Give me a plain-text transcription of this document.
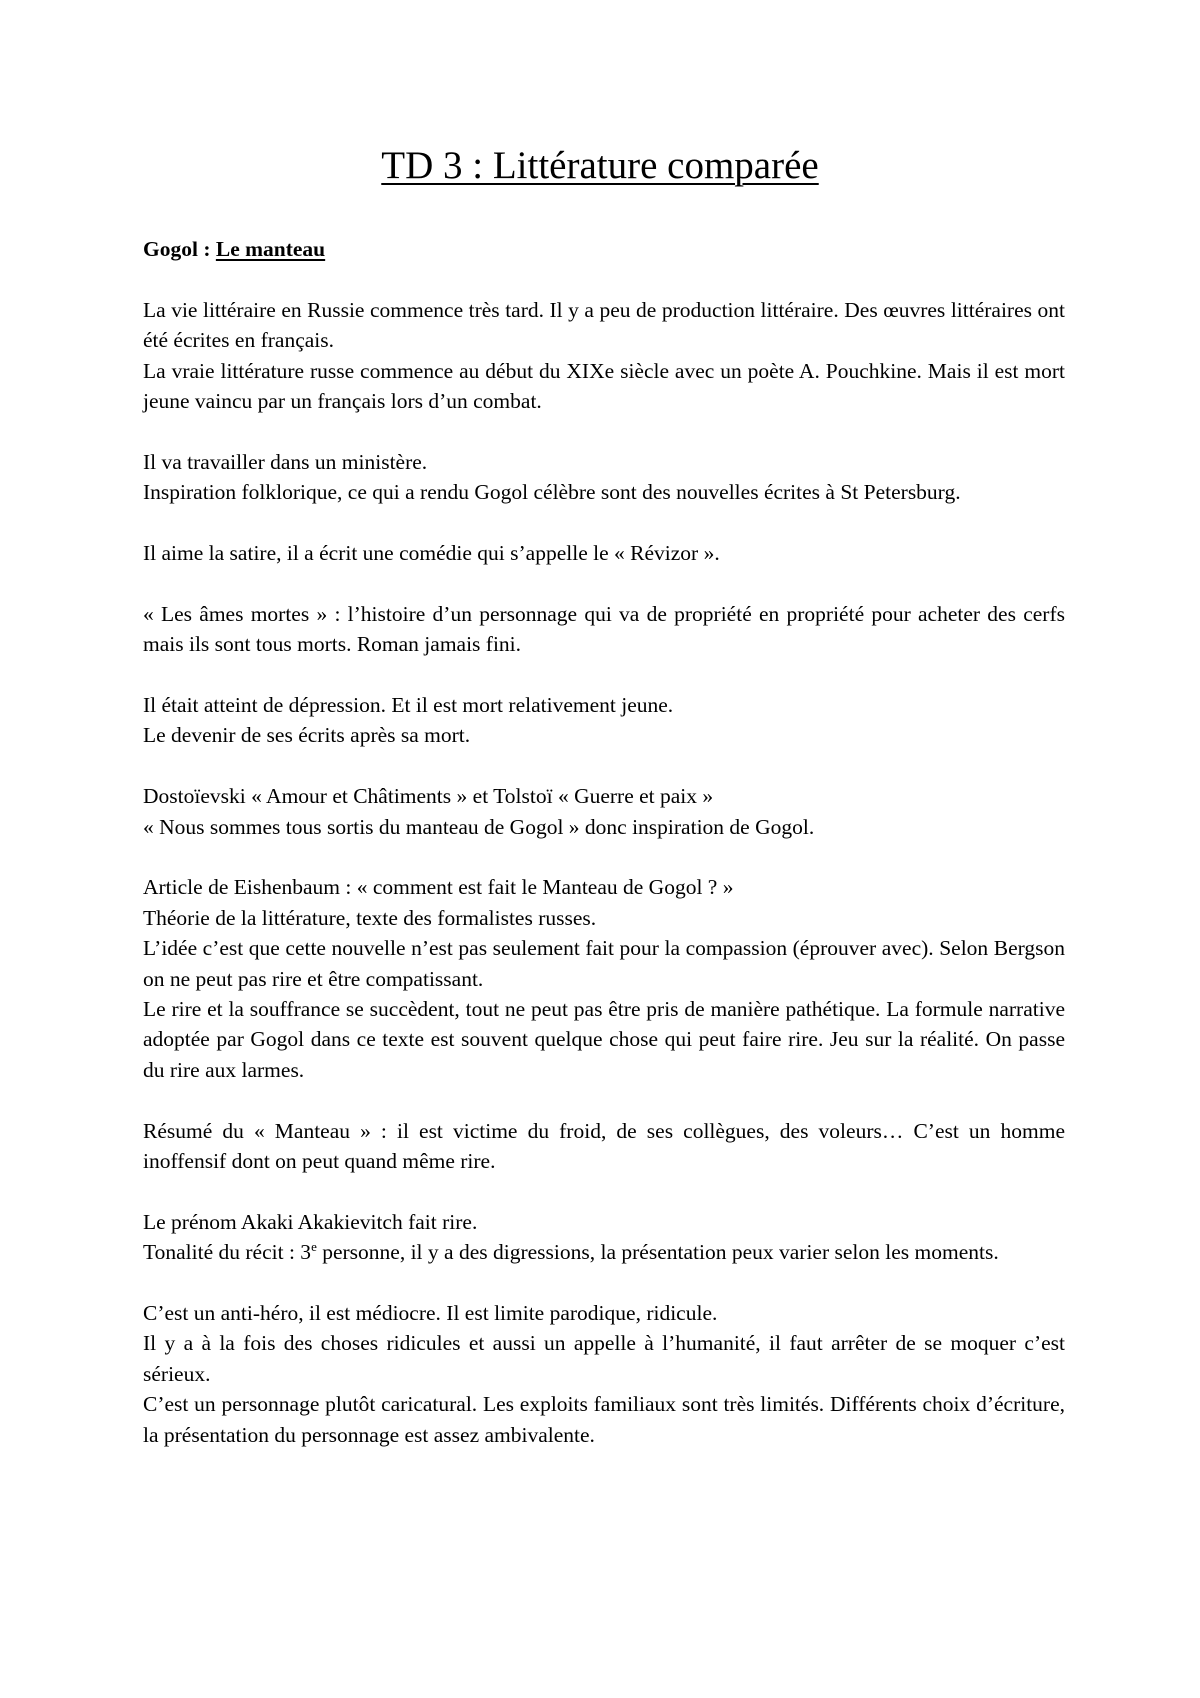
TD 3 : Littérature comparée
Gogol : Le manteau

La vie littéraire en Russie commence très tard. Il y a peu de production littéraire. Des œuvres littéraires ont été écrites en français.

La vraie littérature russe commence au début du XIXe siècle avec un poète A. Pouchkine. Mais il est mort jeune vaincu par un français lors d’un combat.

Il va travailler dans un ministère.

Inspiration folklorique, ce qui a rendu Gogol célèbre sont des nouvelles écrites à St Petersburg.

Il aime la satire, il a écrit une comédie qui s’appelle le « Révizor ».

« Les âmes mortes » : l’histoire d’un personnage qui va de propriété en propriété pour acheter des cerfs mais ils sont tous morts. Roman jamais fini.

Il était atteint de dépression. Et il est mort relativement jeune.

Le devenir de ses écrits après sa mort.

Dostoïevski « Amour et Châtiments » et Tolstoï « Guerre et paix »

« Nous sommes tous sortis du manteau de Gogol » donc inspiration de Gogol.

Article de Eishenbaum : « comment est fait le Manteau de Gogol ? »

Théorie de la littérature, texte des formalistes russes.

L’idée c’est que cette nouvelle n’est pas seulement fait pour la compassion (éprouver avec). Selon Bergson on ne peut pas rire et être compatissant.

Le rire et la souffrance se succèdent, tout ne peut pas être pris de manière pathétique. La formule narrative adoptée par Gogol dans ce texte est souvent quelque chose qui peut faire rire. Jeu sur la réalité. On passe du rire aux larmes.

Résumé du « Manteau » : il est victime du froid, de ses collègues, des voleurs… C’est un homme inoffensif dont on peut quand même rire.

Le prénom Akaki Akakievitch fait rire.

Tonalité du récit : 3e personne, il y a des digressions, la présentation peux varier selon les moments.

C’est un anti-héro, il est médiocre. Il est limite parodique, ridicule.

Il y a à la fois des choses ridicules et aussi un appelle à l’humanité, il faut arrêter de se moquer c’est sérieux.

C’est un personnage plutôt caricatural. Les exploits familiaux sont très limités. Différents choix d’écriture, la présentation du personnage est assez ambivalente.
